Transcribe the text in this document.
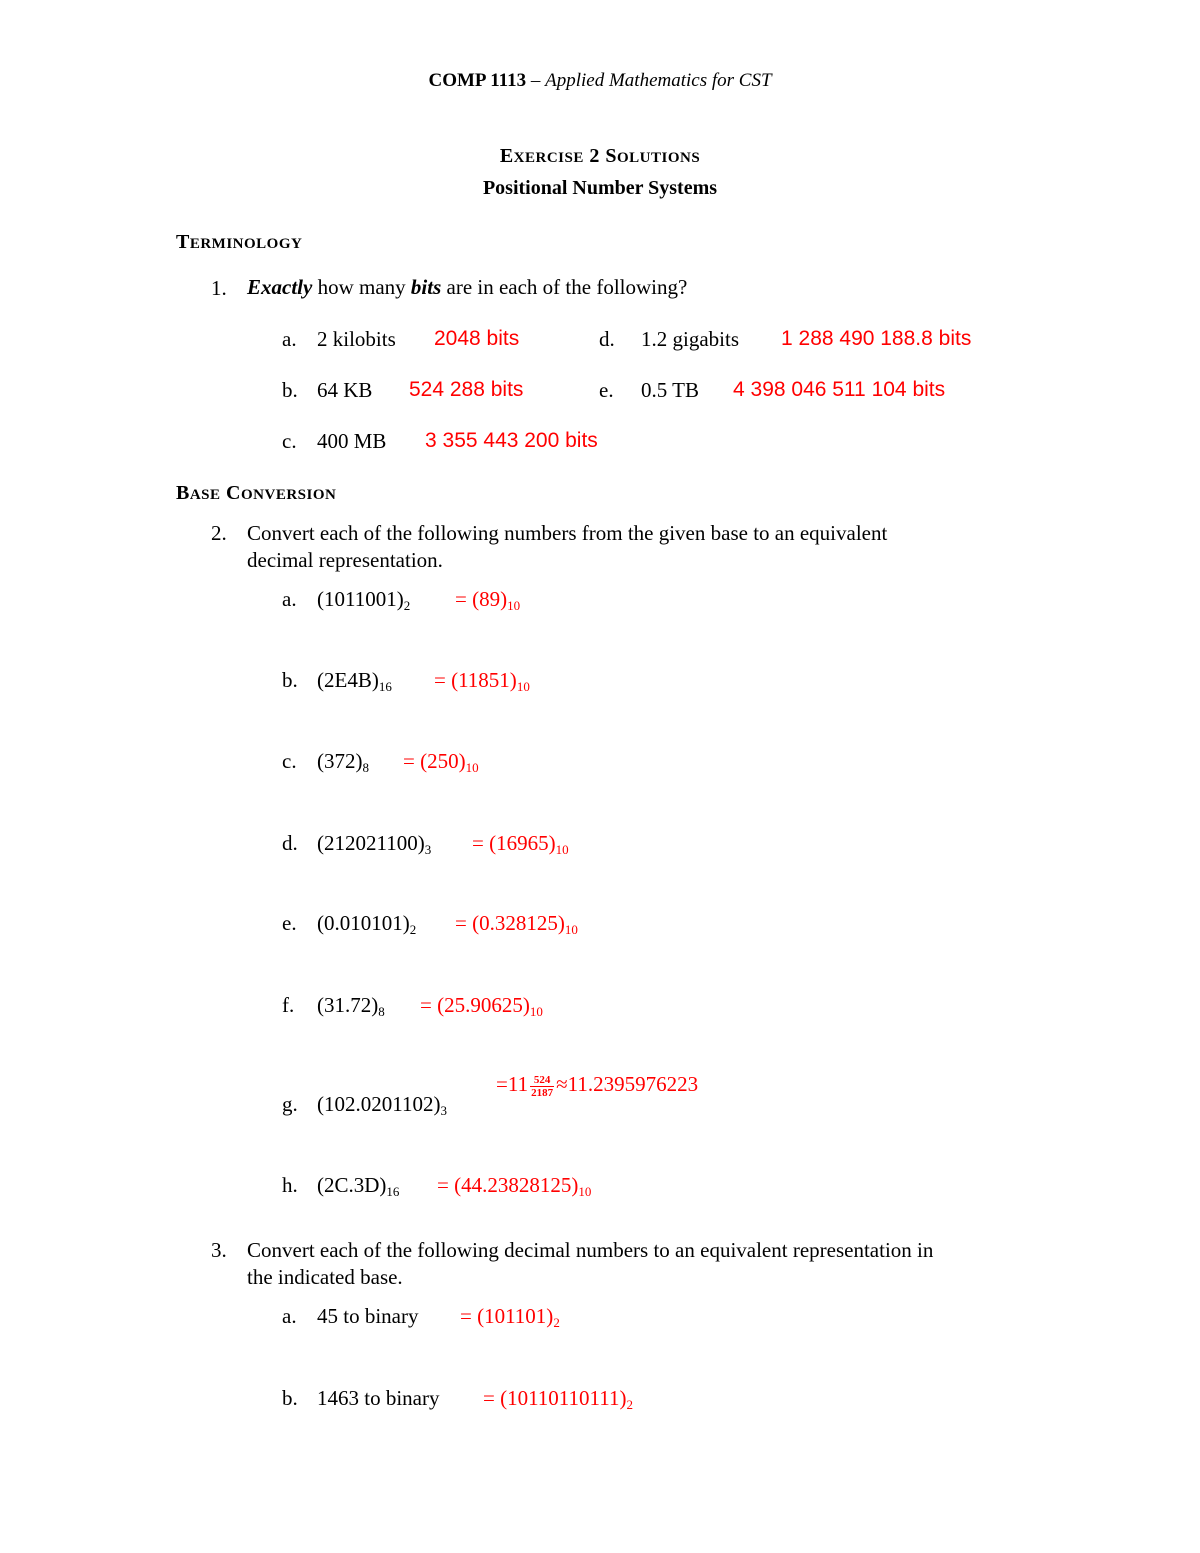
COMP 1113 – Applied Mathematics for CST
EXERCISE 2 SOLUTIONS
Positional Number Systems
TERMINOLOGY
1. Exactly how many bits are in each of the following?
a. 2 kilobits 2048 bits
b. 64 KB 524 288 bits
c. 400 MB 3 355 443 200 bits
d. 1.2 gigabits 1 288 490 188.8 bits
e. 0.5 TB 4 398 046 511 104 bits
BASE CONVERSION
2. Convert each of the following numbers from the given base to an equivalent
decimal representation.
a. $(1011001)_2 = (89)_{10}$
b. $(2E4B)_{16} = (11851)_{10}$
c. $(372)_8 = (250)_{10}$
d. $(212021100)_3 = (16965)_{10}$
e. $(0.010101)_2 = (0.328125)_{10}$
f. $(31.72)_8 = (25.90625)_{10}$
g. $(102.0201102)_3$
$=11 \frac{524}{2187} \approx 11.2395976223$
h. $(2C.3D)_{16} = (44.23828125)_{10}$
3. Convert each of the following decimal numbers to an equivalent representation in
the indicated base.
a. 45 to binary = $(101101)_2$
b. 1463 to binary = $(10110110111)_2$
